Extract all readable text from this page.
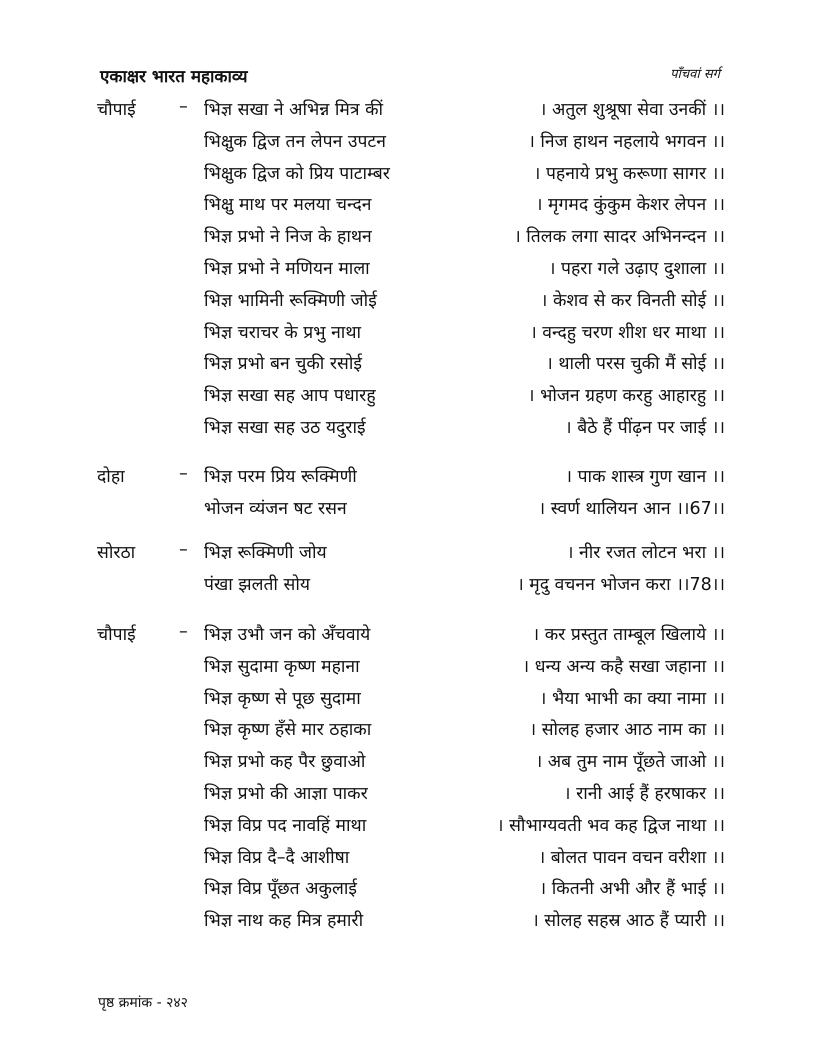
एकाक्षर भारत महाकाव्य	पाँचवां सर्ग
चौपाई – भिज्ञ सखा ने अभिन्न मित्र कीं	। अतुल शुश्रूषा सेवा उनकीं ।।
भिक्षुक द्विज तन लेपन उपटन	। निज हाथन नहलाये भगवन ।।
भिक्षुक द्विज को प्रिय पाटाम्बर	। पहनाये प्रभु करूणा सागर ।।
भिक्षु माथ पर मलया चन्दन	। मृगमद कुंकुम केशर लेपन ।।
भिज्ञ प्रभो ने निज के हाथन	। तिलक लगा सादर अभिनन्दन ।।
भिज्ञ प्रभो ने मणियन माला	। पहरा गले उढ़ाए दुशाला ।।
भिज्ञ भामिनी रूक्मिणी जोई	। केशव से कर विनती सोई ।।
भिज्ञ चराचर के प्रभु नाथा	। वन्दहु चरण शीश धर माथा ।।
भिज्ञ प्रभो बन चुकी रसोई	। थाली परस चुकी मैं सोई ।।
भिज्ञ सखा सह आप पधारहु	। भोजन ग्रहण करहु आहारहु ।।
भिज्ञ सखा सह उठ यदुराई	। बैठे हैं पींढ़न पर जाई ।।
दोहा	– भिज्ञ परम प्रिय रूक्मिणी	। पाक शास्त्र गुण खान ।।
भोजन व्यंजन षट रसन	। स्वर्ण थालियन आन ।।67।।
सोरठा	– भिज्ञ रूक्मिणी जोय	। नीर रजत लोटन भरा ।।
पंखा झलती सोय	। मृदु वचनन भोजन करा ।।78।।
चौपाई – भिज्ञ उभौ जन को अँचवाये	। कर प्रस्तुत ताम्बूल खिलाये ।।
भिज्ञ सुदामा कृष्ण महाना	। धन्य अन्य कहै सखा जहाना ।।
भिज्ञ कृष्ण से पूछ सुदामा	। भैया भाभी का क्या नामा ।।
भिज्ञ कृष्ण हँसे मार ठहाका	। सोलह हजार आठ नाम का ।।
भिज्ञ प्रभो कह पैर छुवाओ	। अब तुम नाम पूँछते जाओ ।।
भिज्ञ प्रभो की आज्ञा पाकर	। रानी आई हैं हरषाकर ।।
भिज्ञ विप्र पद नावहिं माथा	। सौभाग्यवती भव कह द्विज नाथा ।।
भिज्ञ विप्र दै–दै आशीषा	। बोलत पावन वचन वरीशा ।।
भिज्ञ विप्र पूँछत अकुलाई	। कितनी अभी और हैं भाई ।।
भिज्ञ नाथ कह मित्र हमारी	। सोलह सहस्र आठ हैं प्यारी ।।
पृष्ठ क्रमांक - २४२
